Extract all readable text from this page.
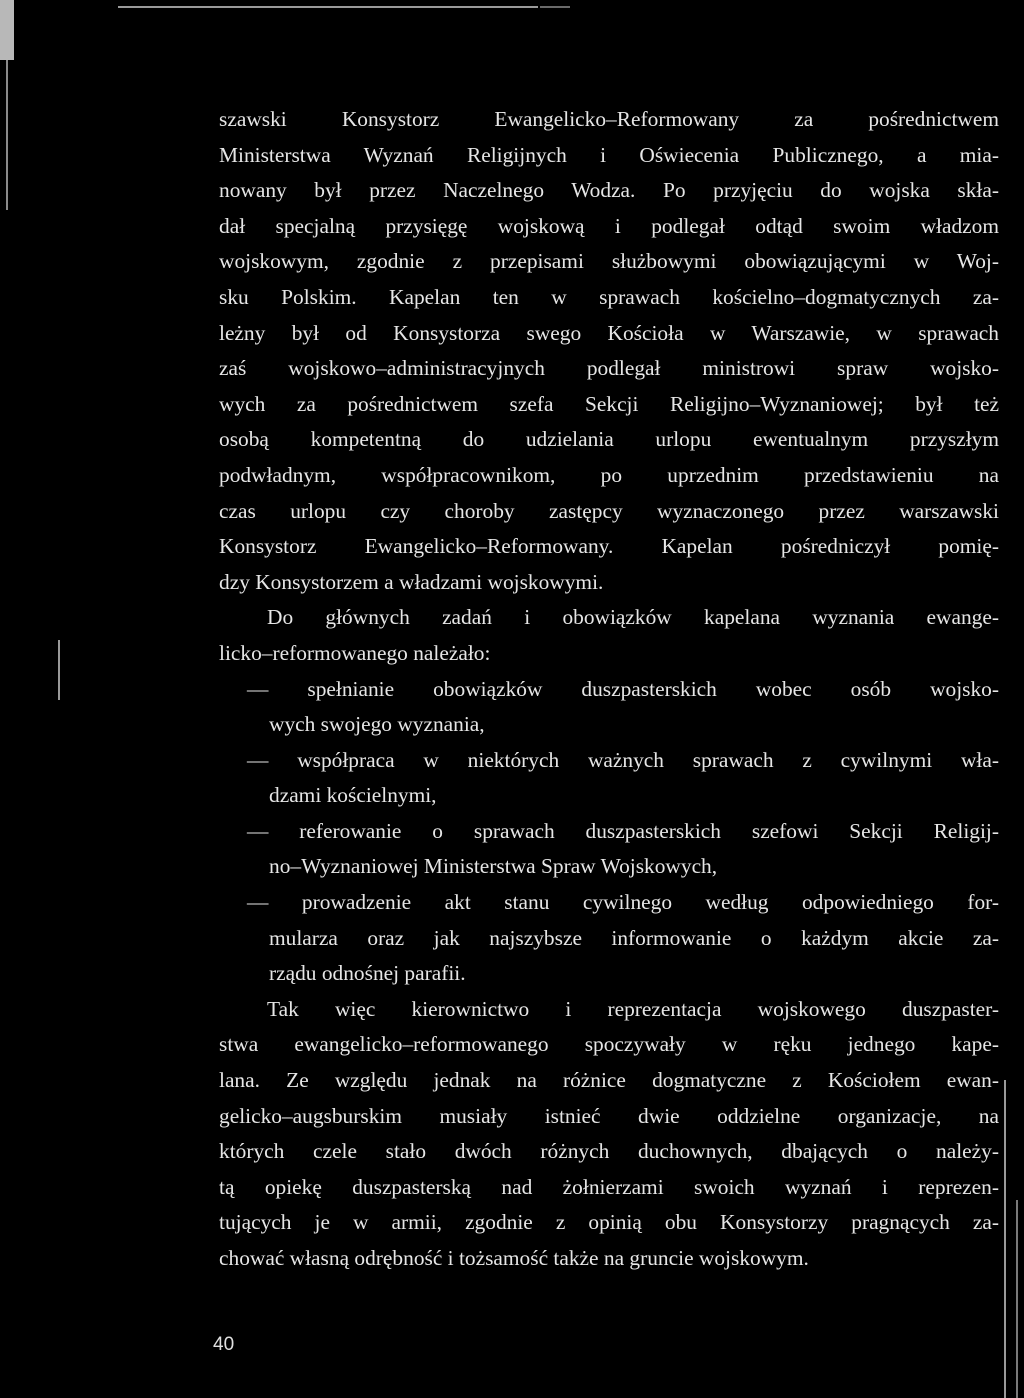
szawski Konsystorz Ewangelicko–Reformowany za pośrednictwem
Ministerstwa Wyznań Religijnych i Oświecenia Publicznego, a mia-
nowany był przez Naczelnego Wodza. Po przyjęciu do wojska skła-
dał specjalną przysięgę wojskową i podlegał odtąd swoim władzom
wojskowym, zgodnie z przepisami służbowymi obowiązującymi w Woj-
sku Polskim. Kapelan ten w sprawach kościelno–dogmatycznych za-
leżny był od Konsystorza swego Kościoła w Warszawie, w sprawach
zaś wojskowo–administracyjnych podlegał ministrowi spraw wojsko-
wych za pośrednictwem szefa Sekcji Religijno–Wyznaniowej; był też
osobą kompetentną do udzielania urlopu ewentualnym przyszłym
podwładnym, współpracownikom, po uprzednim przedstawieniu na
czas urlopu czy choroby zastępcy wyznaczonego przez warszawski
Konsystorz Ewangelicko–Reformowany. Kapelan pośredniczył pomię-
dzy Konsystorzem a władzami wojskowymi.
Do głównych zadań i obowiązków kapelana wyznania ewange-
licko–reformowanego należało:
— spełnianie obowiązków duszpasterskich wobec osób wojsko-
wych swojego wyznania,
— współpraca w niektórych ważnych sprawach z cywilnymi wła-
dzami kościelnymi,
— referowanie o sprawach duszpasterskich szefowi Sekcji Religij-
no–Wyznaniowej Ministerstwa Spraw Wojskowych,
— prowadzenie akt stanu cywilnego według odpowiedniego for-
mularza oraz jak najszybsze informowanie o każdym akcie za-
rządu odnośnej parafii.
Tak więc kierownictwo i reprezentacja wojskowego duszpaster-
stwa ewangelicko–reformowanego spoczywały w ręku jednego kape-
lana. Ze względu jednak na różnice dogmatyczne z Kościołem ewan-
gelicko–augsburskim musiały istnieć dwie oddzielne organizacje, na
których czele stało dwóch różnych duchownych, dbających o należy-
tą opiekę duszpasterską nad żołnierzami swoich wyznań i reprezen-
tujących je w armii, zgodnie z opinią obu Konsystorzy pragnących za-
chować własną odrębność i tożsamość także na gruncie wojskowym.
40
